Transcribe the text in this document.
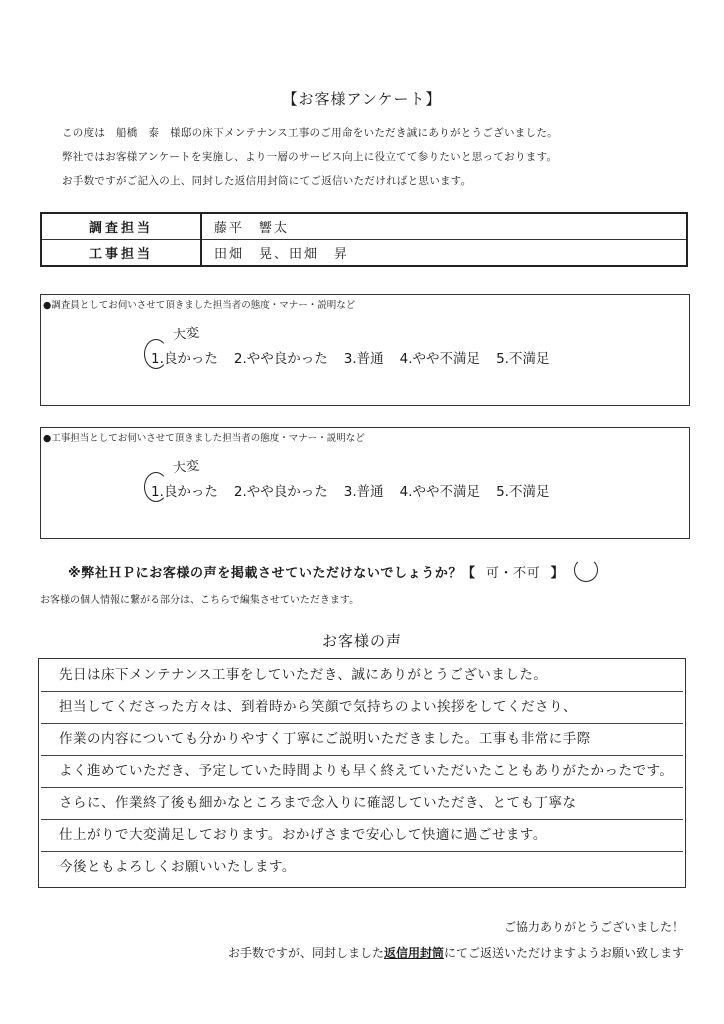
【お客様アンケート】
この度は　船橋　泰　様邸の床下メンテナンス工事のご用命をいただき誠にありがとうございました。
弊社ではお客様アンケートを実施し、より一層のサービス向上に役立てて参りたいと思っております。
お手数ですがご記入の上、同封した返信用封筒にてご返信いただければと思います。
調査担当	藤平　響太
工事担当	田畑　晃、田畑　昇
●調査員としてお伺いさせて頂きました担当者の態度・マナー・説明など
大変
1.良かった 2.やや良かった 3.普通 4.やや不満足 5.不満足
●工事担当としてお伺いさせて頂きました担当者の態度・マナー・説明など
大変
1.良かった 2.やや良かった 3.普通 4.やや不満足 5.不満足
※弊社ＨＰにお客様の声を掲載させていただけないでしょうか？【 可・不可 】
お客様の個人情報に繋がる部分は、こちらで編集させていただきます。
お客様の声
先日は床下メンテナンス工事をしていただき、誠にありがとうございました。
担当してくださった方々は、到着時から笑顔で気持ちのよい挨拶をしてくださり、
作業の内容についても分かりやすく丁寧にご説明いただきました。工事も非常に手際
よく進めていただき、予定していた時間よりも早く終えていただいたこともありがたかったです。
さらに、作業終了後も細かなところまで念入りに確認していただき、とても丁寧な
仕上がりで大変満足しております。おかげさまで安心して快適に過ごせます。
今後ともよろしくお願いいたします。
ご協力ありがとうございました！
お手数ですが、同封しました返信用封筒にてご返送いただけますようお願い致します
